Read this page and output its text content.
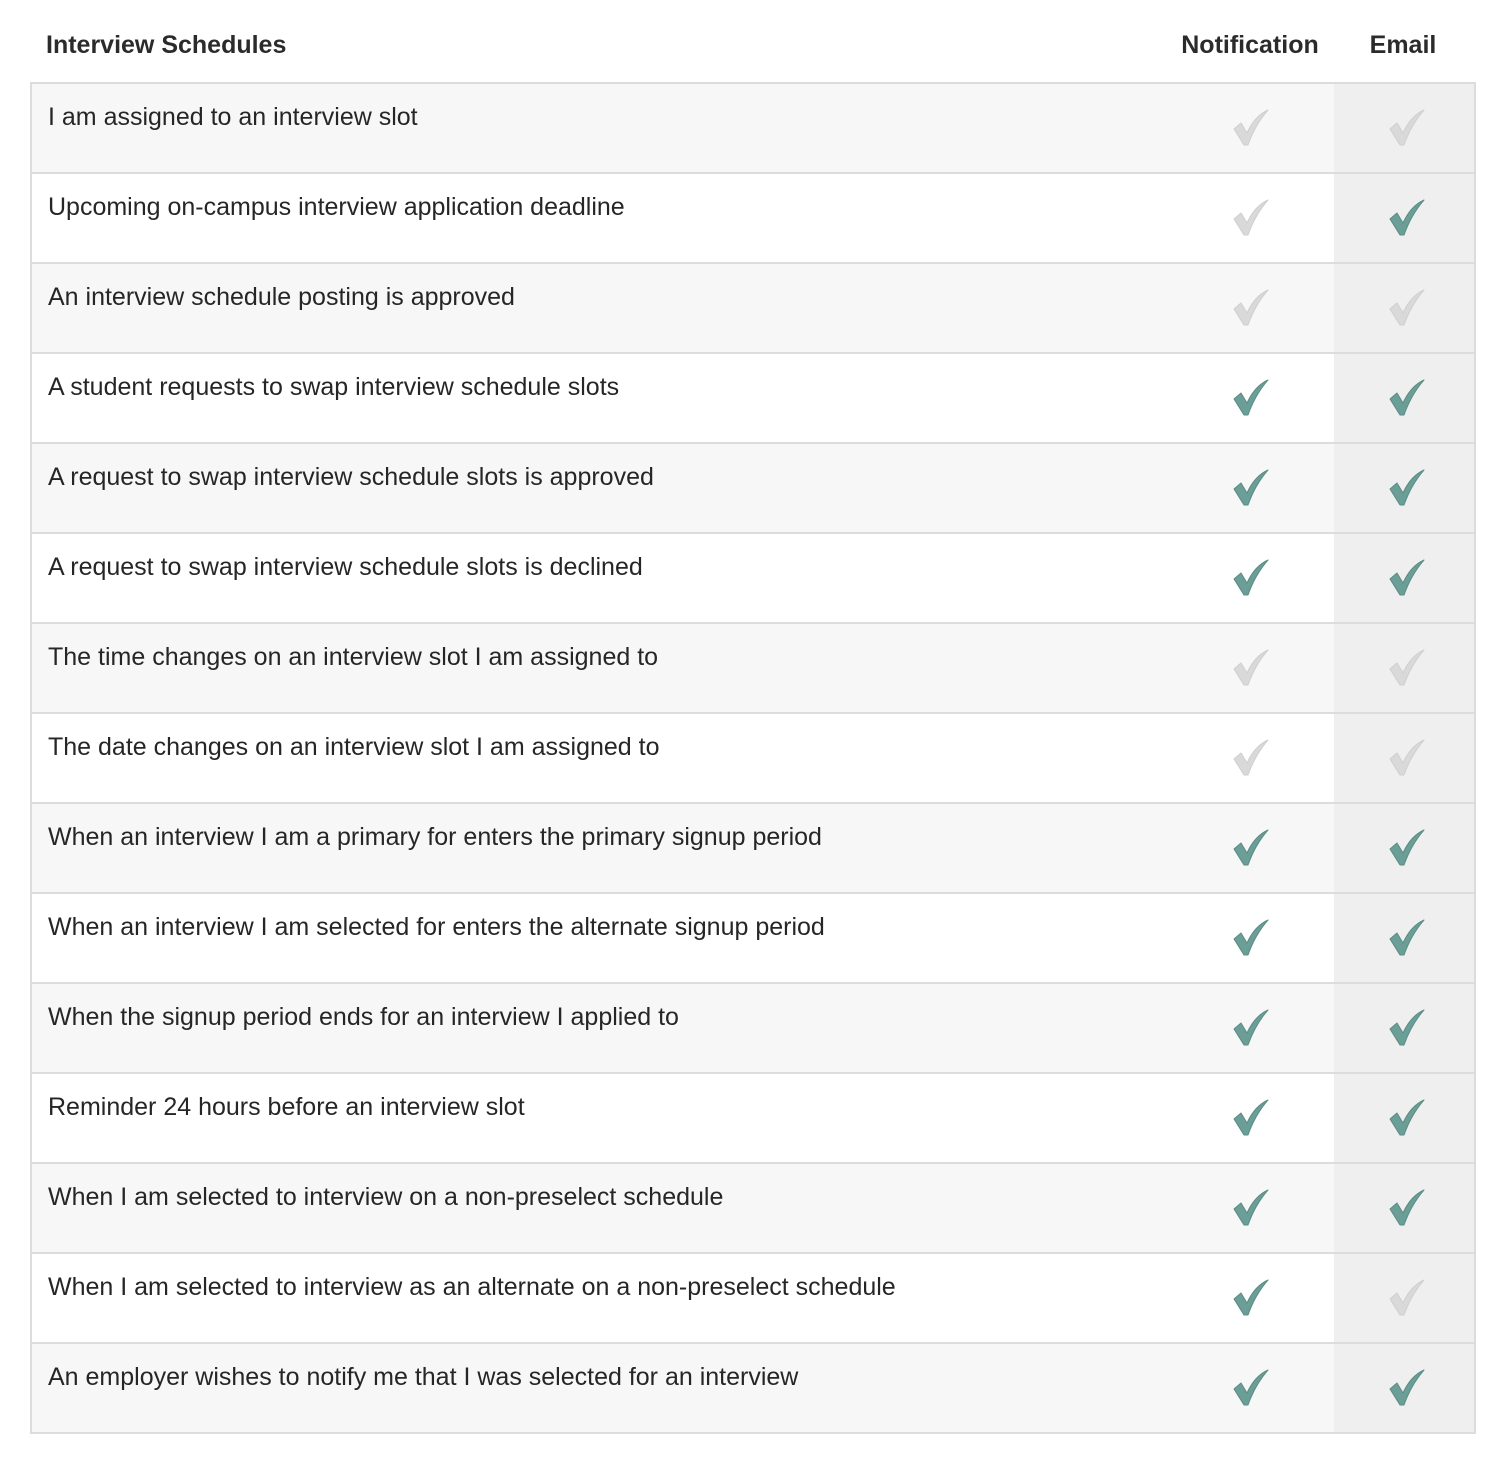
Interview Schedules	Notification	Email
I am assigned to an interview slot
Upcoming on-campus interview application deadline
An interview schedule posting is approved
A student requests to swap interview schedule slots
A request to swap interview schedule slots is approved
A request to swap interview schedule slots is declined
The time changes on an interview slot I am assigned to
The date changes on an interview slot I am assigned to
When an interview I am a primary for enters the primary signup period
When an interview I am selected for enters the alternate signup period
When the signup period ends for an interview I applied to
Reminder 24 hours before an interview slot
When I am selected to interview on a non-preselect schedule
When I am selected to interview as an alternate on a non-preselect schedule
An employer wishes to notify me that I was selected for an interview
